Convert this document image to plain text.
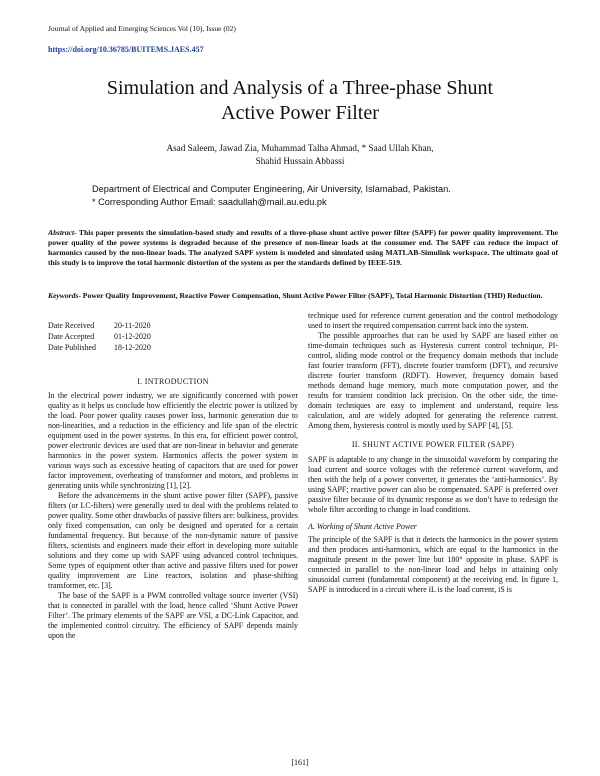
Journal of Applied and Emerging Sciences Vol (10), Issue (02)
https://doi.org/10.36785/BUITEMS.JAES.457
Simulation and Analysis of a Three-phase Shunt
Active Power Filter
Asad Saleem, Jawad Zia, Muhammad Talha Ahmad, * Saad Ullah Khan,
Shahid Hussain Abbassi
Department of Electrical and Computer Engineering, Air University, Islamabad, Pakistan.
* Corresponding Author Email: saadullah@mail.au.edu.pk
Abstract- This paper presents the simulation-based study and results of a three-phase shunt active power filter (SAPF) for power quality improvement. The power quality of the power systems is degraded because of the presence of non-linear loads at the consumer end. The SAPF can reduce the impact of harmonics caused by the non-linear loads. The analyzed SAPF system is modeled and simulated using MATLAB-Simulink workspace. The ultimate goal of this study is to improve the total harmonic distortion of the system as per the standards defined by IEEE-519.
Keywords- Power Quality Improvement, Reactive Power Compensation, Shunt Active Power Filter (SAPF), Total Harmonic Distortion (THD) Reduction.
Date Received	20-11-2020
Date Accepted	01-12-2020
Date Published 18-12-2020
I. INTRODUCTION

In the electrical power industry, we are significantly concerned with power quality as it helps us conclude how efficiently the electric power is utilized by the load. Poor power quality causes power loss, harmonic generation due to non-linearities, and a reduction in the efficiency and life span of the electric equipment used in the power systems. In this era, for efficient power control, power electronic devices are used that are non-linear in behavior and generate harmonics in the power system. Harmonics affects the power system in various ways such as excessive heating of capacitors that are used for power factor improvement, overheating of transformer and motors, and problems in generating units while synchronizing [1], [2].

Before the advancements in the shunt active power filter (SAPF), passive filters (or LC-filters) were generally used to deal with the problems related to power quality. Some other drawbacks of passive filters are: bulkiness, provides only fixed compensation, can only be designed and operated for a certain fundamental frequency. But because of the non-dynamic nature of passive filters, scientists and engineers made their effort in developing more suitable solutions and they come up with SAPF using advanced control techniques. Some types of equipment other than active and passive filters used for power quality improvement are Line reactors, isolation and phase-shifting transformer, etc. [3].

The base of the SAPF is a PWM controlled voltage source inverter (VSI) that is connected in parallel with the load, hence called ‘Shunt Active Power Filter’. The primary elements of the SAPF are VSI, a DC-Link Capacitor, and the implemented control circuitry. The efficiency of SAPF depends mainly upon the

technique used for reference current generation and the control methodology used to insert the required compensation current back into the system.

The possible approaches that can be used by SAPF are based either on time-domain techniques such as Hysteresis current control technique, PI-control, sliding mode control or the frequency domain methods that include fast fourier transform (FFT), discrete fourier transform (DFT), and recursive discrete fourier transform (RDFT). However, frequency domain based methods demand huge memory, much more computation power, and the results for transient condition lack precision. On the other side, the time-domain techniques are easy to implement and understand, require less calculation, and are widely adopted for generating the reference current. Among them, hysteresis control is mostly used by SAPF [4], [5].

II. SHUNT ACTIVE POWER FILTER (SAPF)

SAPF is adaptable to any change in the sinusoidal waveform by comparing the load current and source voltages with the reference current waveform, and then with the help of a power converter, it generates the ‘anti-harmonics’. By using SAPF; reactive power can also be compensated. SAPF is preferred over passive filter because of its dynamic response as we don’t have to redesign the whole filter according to change in load conditions.

A. Working of Shunt Active Power

The principle of the SAPF is that it detects the harmonics in the power system and then produces anti-harmonics, which are equal to the harmonics in the magnitude present in the power line but 180° opposite in phase. SAPF is connected in parallel to the non-linear load and helps in attaining only sinusoidal current (fundamental component) at the receiving end. In figure 1, SAPF is introduced in a circuit where iL is the load current, iS is

[161]
